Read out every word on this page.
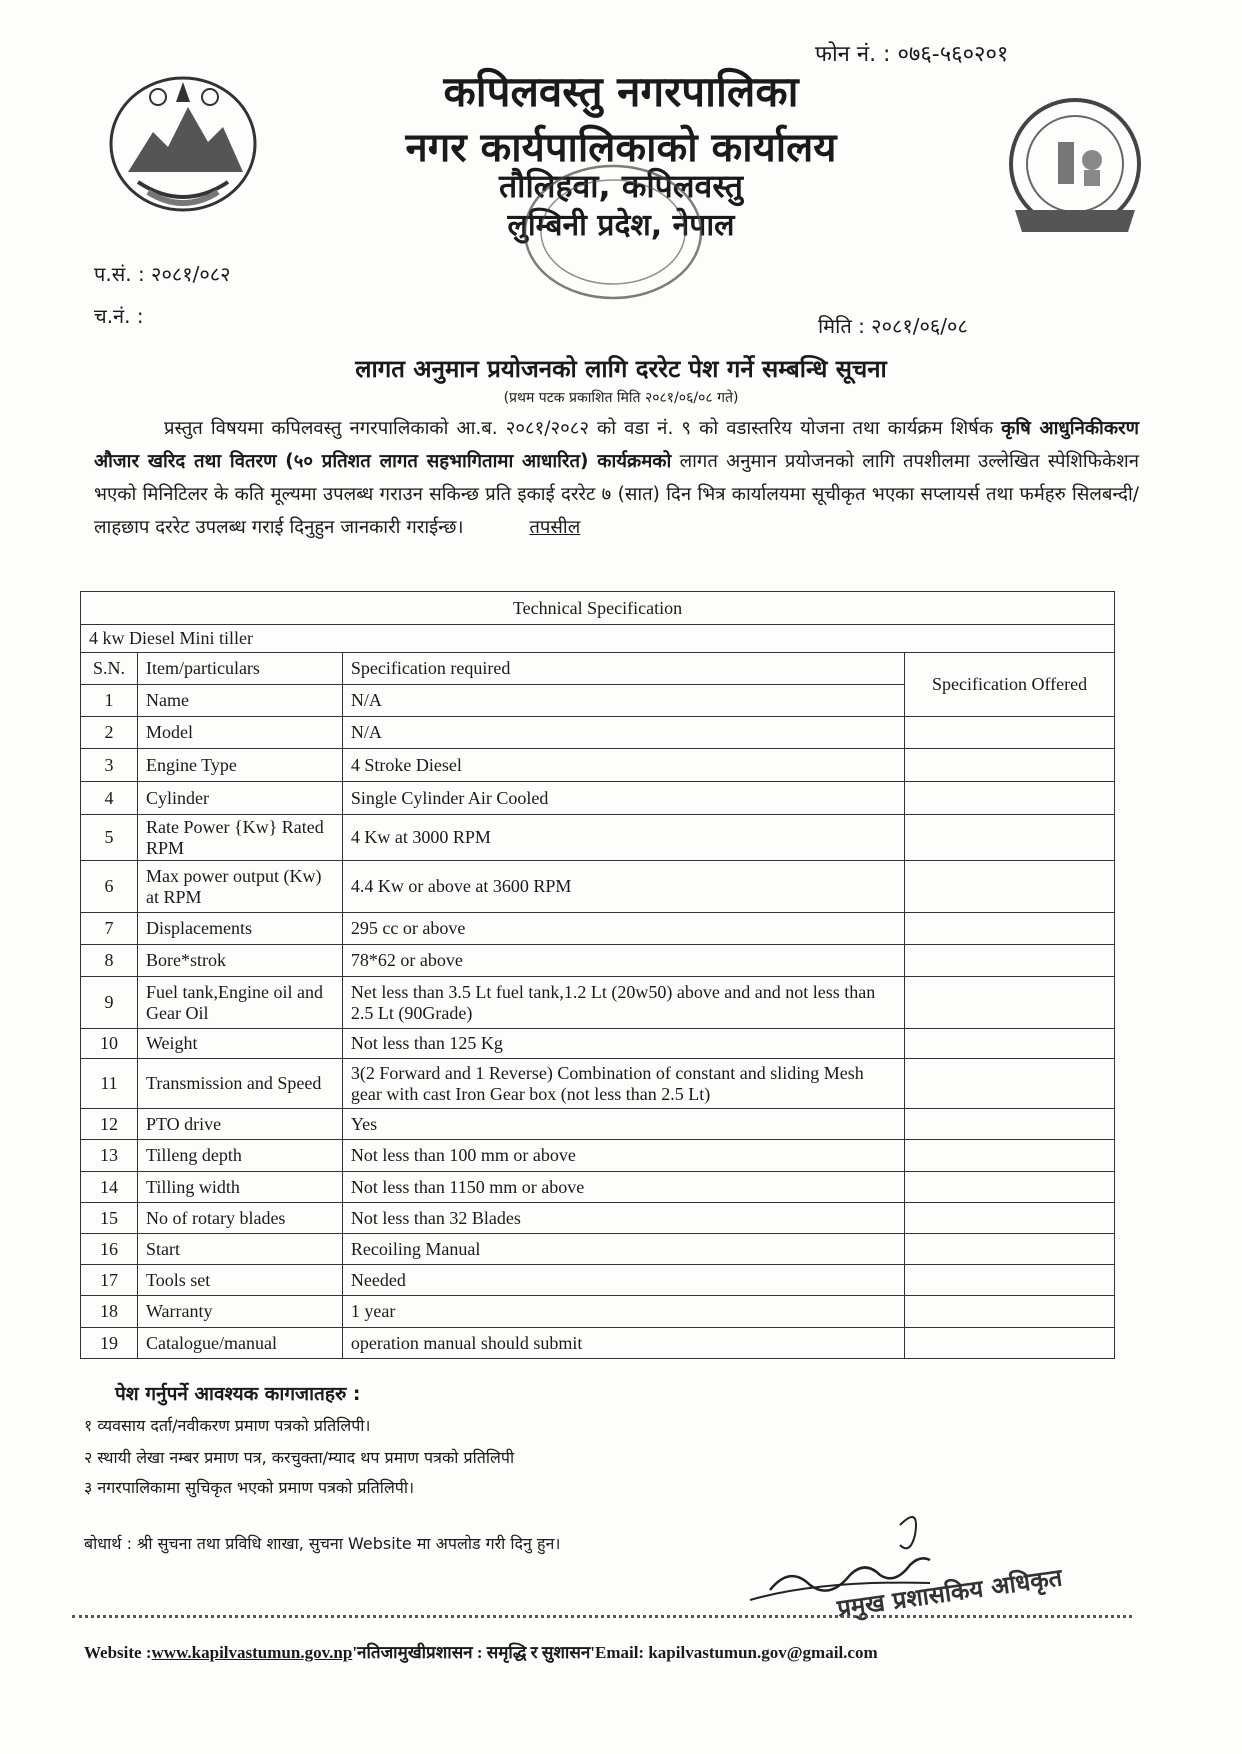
फोन नं. : ०७६-५६०२०१
कपिलवस्तु नगरपालिका
नगर कार्यपालिकाको कार्यालय
तौलिहवा, कपिलवस्तु
लुम्बिनी प्रदेश, नेपाल
प.सं. : २०८१/०८२
च.नं. :	मिति : २०८१/०६/०८
लागत अनुमान प्रयोजनको लागि दररेट पेश गर्ने सम्बन्धि सूचना
(प्रथम पटक प्रकाशित मिति २०८१/०६/०८ गते)
प्रस्तुत विषयमा कपिलवस्तु नगरपालिकाको आ.ब. २०८१/२०८२ को वडा नं. ९ को वडास्तरिय योजना तथा कार्यक्रम शिर्षक कृषि आधुनिकीकरण औजार खरिद तथा वितरण (५० प्रतिशत लागत सहभागितामा आधारित) कार्यक्रमको लागत अनुमान प्रयोजनको लागि तपशीलमा उल्लेखित स्पेशिफिकेशन भएको मिनिटिलर के कति मूल्यमा उपलब्ध गराउन सकिन्छ प्रति इकाई दररेट ७ (सात) दिन भित्र कार्यालयमा सूचीकृत भएका सप्लायर्स तथा फर्महरु सिलबन्दी/लाहछाप दररेट उपलब्ध गराई दिनुहुन जानकारी गराईन्छ।	तपसील
Technical Specification			
4 kw Diesel Mini tiller			
S.N.	Item/particulars	Specification required	Specification Offered
1	Name	N/A	
2	Model	N/A	
3	Engine Type	4 Stroke Diesel	
4	Cylinder	Single Cylinder Air Cooled	
5	Rate Power {Kw} Rated RPM	4 Kw at 3000 RPM	
6	Max power output (Kw) at RPM	4.4 Kw or above at 3600 RPM	
7	Displacements	295 cc or above	
8	Bore*strok	78*62 or above	
9	Fuel tank,Engine oil and Gear Oil	Net less than 3.5 Lt fuel tank,1.2 Lt (20w50) above and and not less than 2.5 Lt (90Grade)	
10	Weight	Not less than 125 Kg	
11	Transmission and Speed	3(2 Forward and 1 Reverse) Combination of constant and sliding Mesh gear with cast Iron Gear box (not less than 2.5 Lt)	
12	PTO drive	Yes	
13	Tilleng depth	Not less than 100 mm or above	
14	Tilling width	Not less than 1150 mm or above	
15	No of rotary blades	Not less than 32 Blades	
16	Start	Recoiling Manual	
17	Tools set	Needed	
18	Warranty	1 year	
19	Catalogue/manual	operation manual should submit	
पेश गर्नुपर्ने आवश्यक कागजातहरु :
१ व्यवसाय दर्ता/नवीकरण प्रमाण पत्रको प्रतिलिपी।
२ स्थायी लेखा नम्बर प्रमाण पत्र, करचुक्ता/म्याद थप प्रमाण पत्रको प्रतिलिपी
३ नगरपालिकामा सुचिकृत भएको प्रमाण पत्रको प्रतिलिपी।
बोधार्थ : श्री सुचना तथा प्रविधि शाखा, सुचना Website मा अपलोड गरी दिनु हुन।
प्रमुख प्रशासकिय अधिकृत
Website :www.kapilvastumun.gov.np'नतिजामुखीप्रशासन : समृद्धि र सुशासन'Email: kapilvastumun.gov@gmail.com
